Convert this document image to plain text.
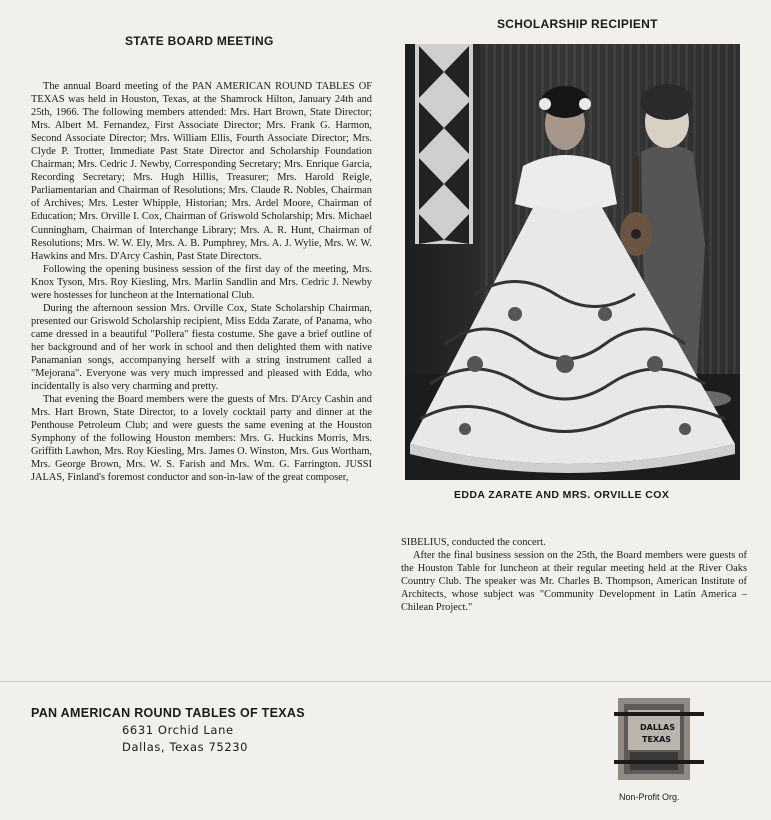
STATE BOARD MEETING
SCHOLARSHIP RECIPIENT

The annual Board meeting of the PAN AMERICAN ROUND TABLES OF TEXAS was held in Houston, Texas, at the Shamrock Hilton, January 24th and 25th, 1966. The following members attended: Mrs. Hart Brown, State Director; Mrs. Albert M. Fernandez, First Associate Director; Mrs. Frank G. Harmon, Second Associate Director; Mrs. William Ellis, Fourth Associate Director; Mrs. Clyde P. Trotter, Immediate Past State Director and Scholarship Foundation Chairman; Mrs. Cedric J. Newby, Corresponding Secretary; Mrs. Enrique Garcia, Recording Secretary; Mrs. Hugh Hillis, Treasurer; Mrs. Harold Reigle, Parliamentarian and Chairman of Resolutions; Mrs. Claude R. Nobles, Chairman of Archives; Mrs. Lester Whipple, Historian; Mrs. Ardel Moore, Chairman of Education; Mrs. Orville I. Cox, Chairman of Griswold Scholarship; Mrs. Michael Cunningham, Chairman of Interchange Library; Mrs. A. R. Hunt, Chairman of Resolutions; Mrs. W. W. Ely, Mrs. A. B. Pumphrey, Mrs. A. J. Wylie, Mrs. W. W. Hawkins and Mrs. D'Arcy Cashin, Past State Directors.

Following the opening business session of the first day of the meeting, Mrs. Knox Tyson, Mrs. Roy Kiesling, Mrs. Marlin Sandlin and Mrs. Cedric J. Newby were hostesses for luncheon at the International Club.

During the afternoon session Mrs. Orville Cox, State Scholarship Chairman, presented our Griswold Scholarship recipient, Miss Edda Zarate, of Panama, who came dressed in a beautiful "Pollera" fiesta costume. She gave a brief outline of her background and of her work in school and then delighted them with native Panamanian songs, accompanying herself with a string instrument called a "Mejorana". Everyone was very much impressed and pleased with Edda, who incidentally is also very charming and pretty.

That evening the Board members were the guests of Mrs. D'Arcy Cashin and Mrs. Hart Brown, State Director, to a lovely cocktail party and dinner at the Penthouse Petroleum Club; and were guests the same evening at the Houston Symphony of the following Houston members: Mrs. G. Huckins Morris, Mrs. Griffith Lawhon, Mrs. Roy Kiesling, Mrs. James O. Winston, Mrs. Gus Wortham, Mrs. George Brown, Mrs. W. S. Farish and Mrs. Wm. G. Farrington. JUSSI JALAS, Finland's foremost conductor and son-in-law of the great composer,

EDDA ZARATE AND MRS. ORVILLE COX

SIBELIUS, conducted the concert.

After the final business session on the 25th, the Board members were guests of the Houston Table for luncheon at their regular meeting held at the River Oaks Country Club. The speaker was Mr. Charles B. Thompson, American Institute of Architects, whose subject was "Community Development in Latin America – Chilean Project."

PAN AMERICAN ROUND TABLES OF TEXAS
6631 Orchid Lane
Dallas, Texas 75230
DALLAS
TEXAS
Non-Profit Org.
